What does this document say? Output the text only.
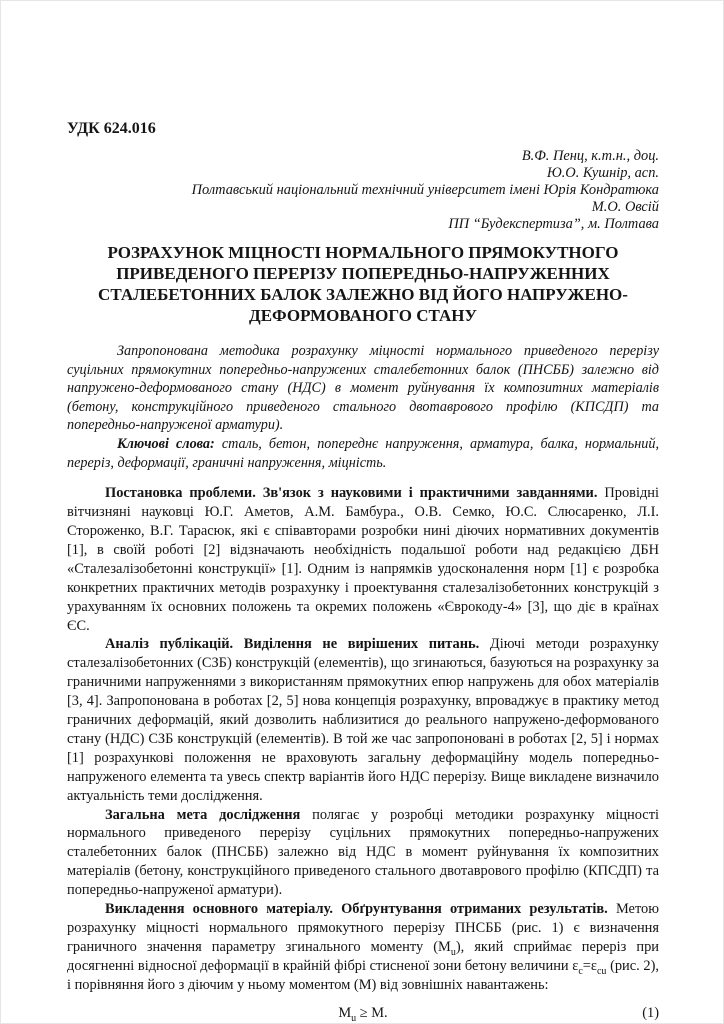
УДК 624.016
В.Ф. Пенц, к.т.н., доц.
Ю.О. Кушнір, асп.
Полтавський національний технічний університет імені Юрія Кондратюка
М.О. Овсій
ПП “Будекспертиза”, м. Полтава
РОЗРАХУНОК МІЦНОСТІ НОРМАЛЬНОГО ПРЯМОКУТНОГО ПРИВЕДЕНОГО ПЕРЕРІЗУ ПОПЕРЕДНЬО-НАПРУЖЕННИХ СТАЛЕБЕТОННИХ БАЛОК ЗАЛЕЖНО ВІД ЙОГО НАПРУЖЕНО-ДЕФОРМОВАНОГО СТАНУ

Запропонована методика розрахунку міцності нормального приведеного перерізу суцільних прямокутних попередньо-напружених сталебетонних балок (ПНСББ) залежно від напружено-деформованого стану (НДС) в момент руйнування їх композитних матеріалів (бетону, конструкційного приведеного стального двотаврового профілю (КПСДП) та попередньо-напруженої арматури).

Ключові слова: сталь, бетон, попереднє напруження, арматура, балка, нормальний, переріз, деформації, граничні напруження, міцність.

Постановка проблеми. Зв'язок з науковими і практичними завданнями. Провідні вітчизняні науковці Ю.Г. Аметов, А.М. Бамбура., О.В. Семко, Ю.С. Слюсаренко, Л.І. Стороженко, В.Г. Тарасюк, які є співавторами розробки нині діючих нормативних документів [1], в своїй роботі [2] відзначають необхідність подальшої роботи над редакцією ДБН «Сталезалізобетонні конструкції» [1]. Одним із напрямків удосконалення норм [1] є розробка конкретних практичних методів розрахунку і проектування сталезалізобетонних конструкцій з урахуванням їх основних положень та окремих положень «Єврокоду-4» [3], що діє в країнах ЄС.

Аналіз публікацій. Виділення не вирішених питань. Діючі методи розрахунку сталезалізобетонних (СЗБ) конструкцій (елементів), що згинаються, базуються на розрахунку за граничними напруженнями з використанням прямокутних епюр напружень для обох матеріалів [3, 4]. Запропонована в роботах [2, 5] нова концепція розрахунку, впроваджує в практику метод граничних деформацій, який дозволить наблизитися до реального напружено-деформованого стану (НДС) СЗБ конструкцій (елементів). В той же час запропоновані в роботах [2, 5] і нормах [1] розрахункові положення не враховують загальну деформаційну модель попередньо-напруженого елемента та увесь спектр варіантів його НДС перерізу. Вище викладене визначило актуальність теми дослідження.

Загальна мета дослідження полягає у розробці методики розрахунку міцності нормального приведеного перерізу суцільних прямокутних попередньо-напружених сталебетонних балок (ПНСББ) залежно від НДС в момент руйнування їх композитних матеріалів (бетону, конструкційного приведеного стального двотаврового профілю (КПСДП) та попередньо-напруженої арматури).

Викладення основного матеріалу. Обґрунтування отриманих результатів. Метою розрахунку міцності нормального прямокутного перерізу ПНСББ (рис. 1) є визначення граничного значення параметру згинального моменту $(M_u)$, який сприймає переріз при досягненні відносної деформації в крайній фібрі стисненої зони бетону величини $\varepsilon_c=\varepsilon_{cu}$ (рис. 2), і порівняння його з діючим у ньому моментом (M) від зовнішніх навантажень:

$M_u \ge M$.	(1)
